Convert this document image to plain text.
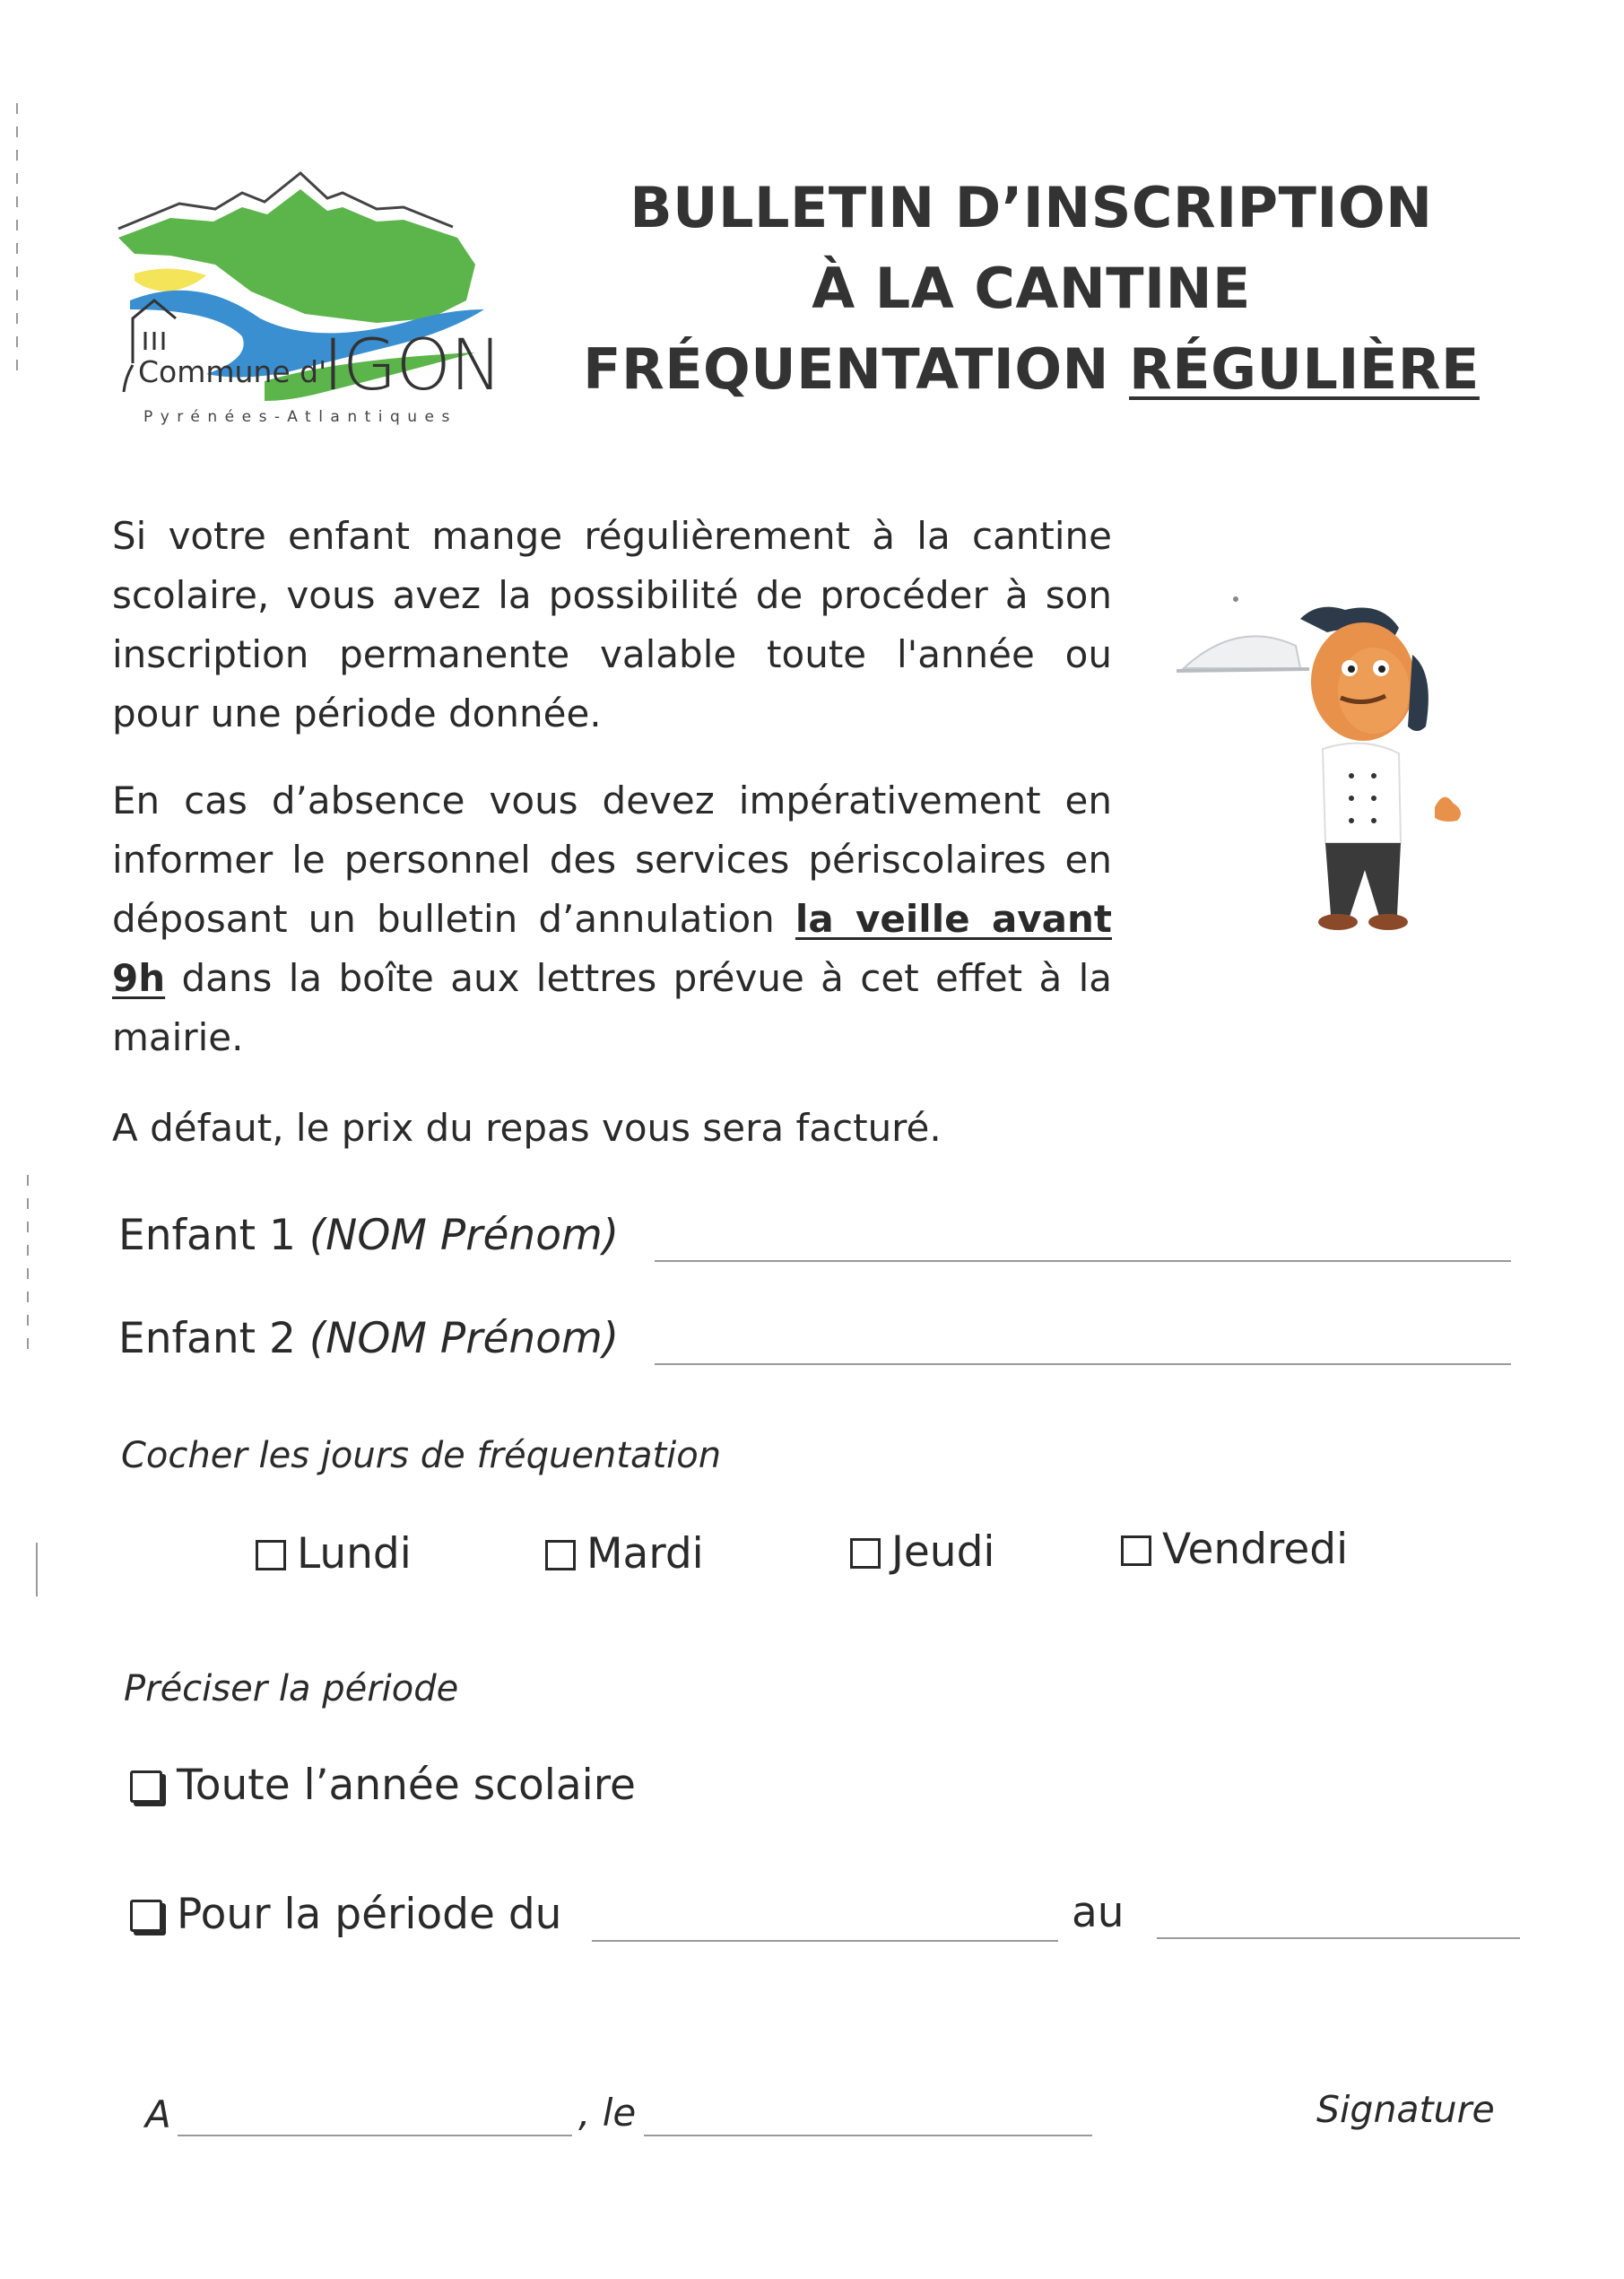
Commune d'
IGON
Pyrénées-Atlantiques
BULLETIN D’INSCRIPTION
À LA CANTINE
FRÉQUENTATION RÉGULIÈRE
Si votre enfant mange régulièrement à la cantine scolaire, vous avez la possibilité de procéder à son inscription permanente valable toute l'année ou pour une période donnée.
En cas d’absence vous devez impérativement en informer le personnel des services périscolaires en déposant un bulletin d’annulation la veille avant 9h dans la boîte aux lettres prévue à cet effet à la mairie.
A défaut, le prix du repas vous sera facturé.
Enfant 1 (NOM Prénom)
Enfant 2 (NOM Prénom)
Cocher les jours de fréquentation
Lundi	Mardi	Jeudi	Vendredi
Préciser la période
Toute l’année scolaire
Pour la période du	au
A	, le	Signature
